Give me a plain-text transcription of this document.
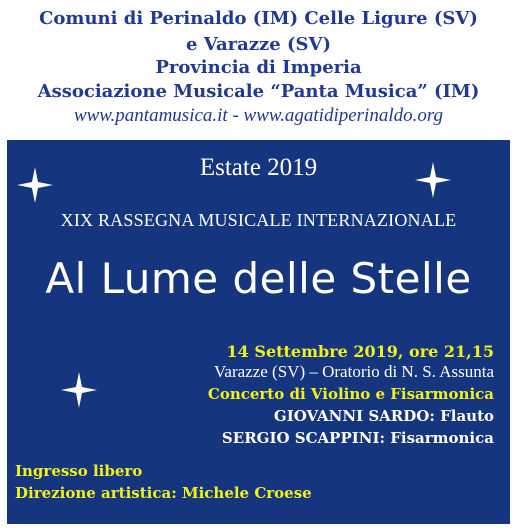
Comuni di Perinaldo (IM) Celle Ligure (SV)
e Varazze (SV)
Provincia di Imperia
Associazione Musicale “Panta Musica” (IM)
www.pantamusica.it - www.agatidiperinaldo.org
Estate 2019
XIX RASSEGNA MUSICALE INTERNAZIONALE
Al Lume delle Stelle
14 Settembre 2019, ore 21,15
Varazze (SV) – Oratorio di N. S. Assunta
Concerto di Violino e Fisarmonica
GIOVANNI SARDO: Flauto
SERGIO SCAPPINI: Fisarmonica
Ingresso libero
Direzione artistica: Michele Croese
